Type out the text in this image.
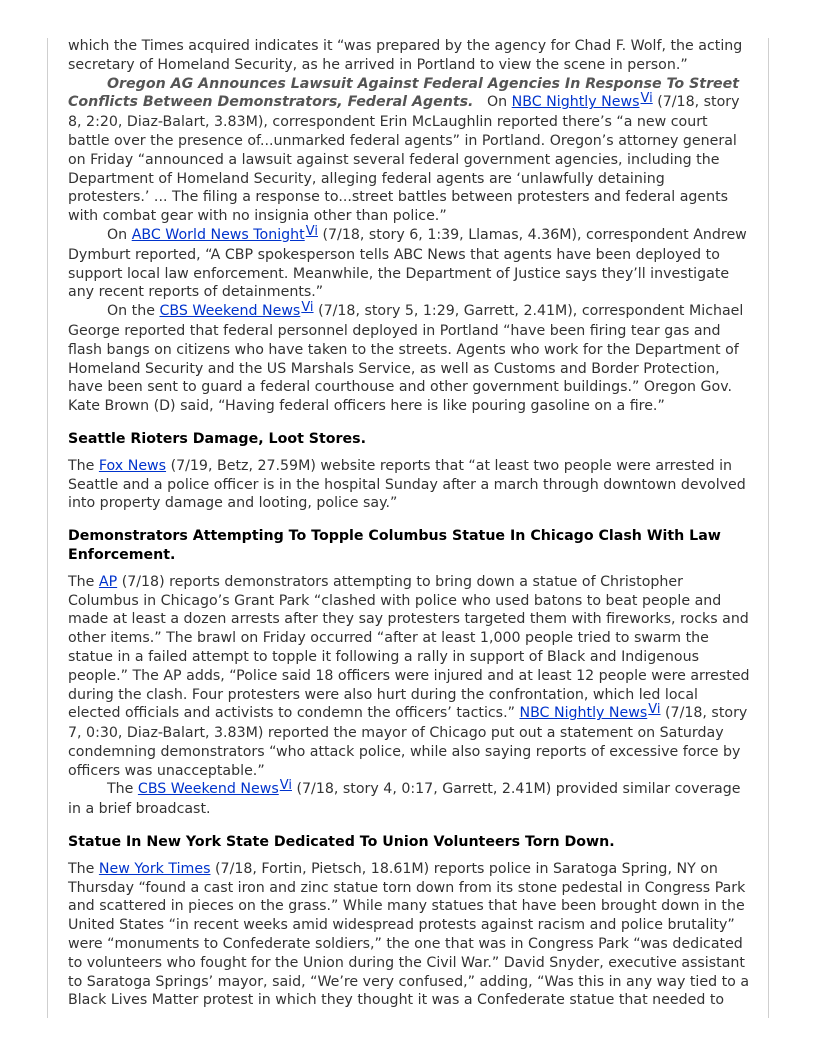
which the Times acquired indicates it “was prepared by the agency for Chad F. Wolf, the acting secretary of Homeland Security, as he arrived in Portland to view the scene in person.”

Oregon AG Announces Lawsuit Against Federal Agencies In Response To Street Conflicts Between Demonstrators, Federal Agents. On NBC Nightly NewsVi (7/18, story 8, 2:20, Diaz-Balart, 3.83M), correspondent Erin McLaughlin reported there’s “a new court battle over the presence of...unmarked federal agents” in Portland. Oregon’s attorney general on Friday “announced a lawsuit against several federal government agencies, including the Department of Homeland Security, alleging federal agents are ‘unlawfully detaining protesters.’ ... The filing a response to...street battles between protesters and federal agents with combat gear with no insignia other than police.”

On ABC World News TonightVi (7/18, story 6, 1:39, Llamas, 4.36M), correspondent Andrew Dymburt reported, “A CBP spokesperson tells ABC News that agents have been deployed to support local law enforcement. Meanwhile, the Department of Justice says they’ll investigate any recent reports of detainments.”

On the CBS Weekend NewsVi (7/18, story 5, 1:29, Garrett, 2.41M), correspondent Michael George reported that federal personnel deployed in Portland “have been firing tear gas and flash bangs on citizens who have taken to the streets. Agents who work for the Department of Homeland Security and the US Marshals Service, as well as Customs and Border Protection, have been sent to guard a federal courthouse and other government buildings.” Oregon Gov. Kate Brown (D) said, “Having federal officers here is like pouring gasoline on a fire.”

Seattle Rioters Damage, Loot Stores.

The Fox News (7/19, Betz, 27.59M) website reports that “at least two people were arrested in Seattle and a police officer is in the hospital Sunday after a march through downtown devolved into property damage and looting, police say.”

Demonstrators Attempting To Topple Columbus Statue In Chicago Clash With Law Enforcement.

The AP (7/18) reports demonstrators attempting to bring down a statue of Christopher Columbus in Chicago’s Grant Park “clashed with police who used batons to beat people and made at least a dozen arrests after they say protesters targeted them with fireworks, rocks and other items.” The brawl on Friday occurred “after at least 1,000 people tried to swarm the statue in a failed attempt to topple it following a rally in support of Black and Indigenous people.” The AP adds, “Police said 18 officers were injured and at least 12 people were arrested during the clash. Four protesters were also hurt during the confrontation, which led local elected officials and activists to condemn the officers’ tactics.” NBC Nightly NewsVi (7/18, story 7, 0:30, Diaz-Balart, 3.83M) reported the mayor of Chicago put out a statement on Saturday condemning demonstrators “who attack police, while also saying reports of excessive force by officers was unacceptable.”

The CBS Weekend NewsVi (7/18, story 4, 0:17, Garrett, 2.41M) provided similar coverage in a brief broadcast.

Statue In New York State Dedicated To Union Volunteers Torn Down.

The New York Times (7/18, Fortin, Pietsch, 18.61M) reports police in Saratoga Spring, NY on Thursday “found a cast iron and zinc statue torn down from its stone pedestal in Congress Park and scattered in pieces on the grass.” While many statues that have been brought down in the United States “in recent weeks amid widespread protests against racism and police brutality” were “monuments to Confederate soldiers,” the one that was in Congress Park “was dedicated to volunteers who fought for the Union during the Civil War.” David Snyder, executive assistant to Saratoga Springs’ mayor, said, “We’re very confused,” adding, “Was this in any way tied to a Black Lives Matter protest in which they thought it was a Confederate statue that needed to
